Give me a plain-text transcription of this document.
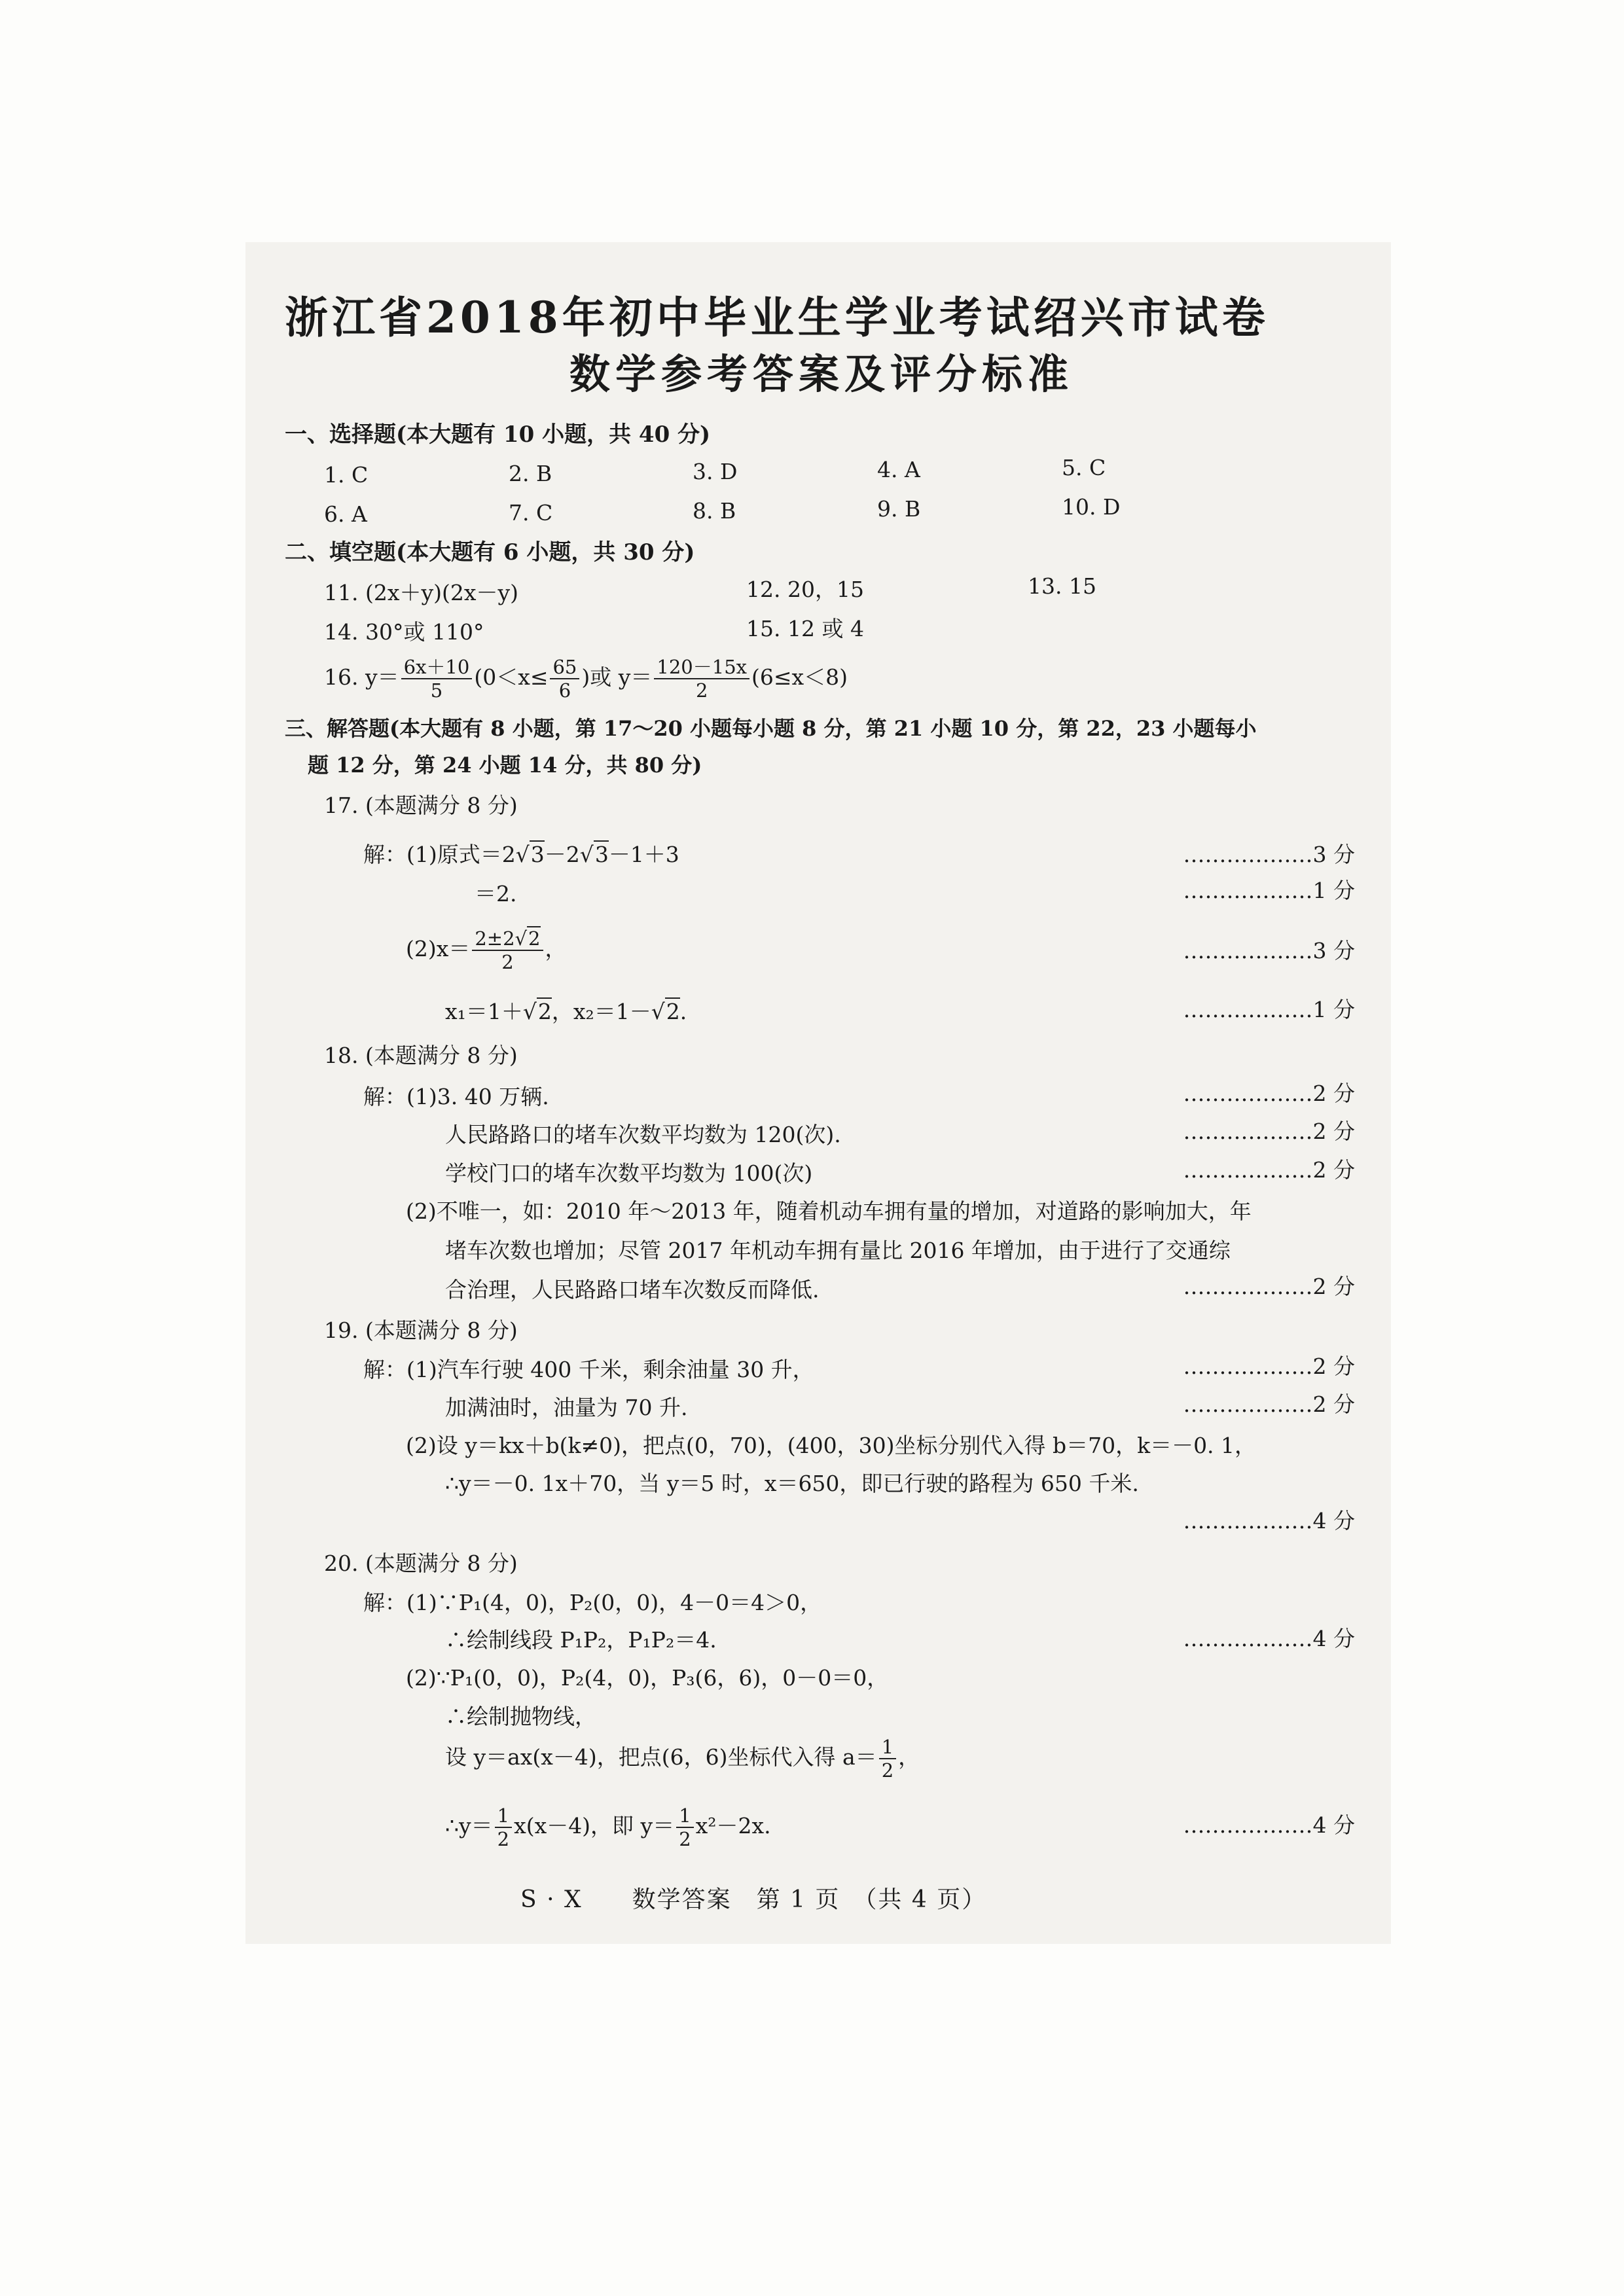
浙江省2018年初中毕业生学业考试绍兴市试卷
数学参考答案及评分标准
一、选择题(本大题有 10 小题，共 40 分)
1. C	2. B	3. D	4. A	5. C
6. A	7. C	8. B	9. B	10. D
二、填空题(本大题有 6 小题，共 30 分)
11. (2x＋y)(2x－y)	12. 20，15	13. 15
14. 30°或 110°	15. 12 或 4
16. $y= \frac{6x+10}{5} (0<x\le \frac{65}{6}$ )或 $y= \frac{120-15x}{2} (6\le x<8)$
三、解答题(本大题有 8 小题，第 17～20 小题每小题 8 分，第 21 小题 10 分，第 22，23 小题每小
题 12 分，第 24 小题 14 分，共 80 分)
17. (本题满分 8 分)
解：(1)原式＝2√3－2√3－1＋3	………………3 分
＝2.	………………1 分
$(2)x= \frac{2\pm 2√2}{2}$ ，	………………3 分
x₁＝1＋√2，x₂＝1－√2.	………………1 分
18. (本题满分 8 分)
解：(1)3. 40 万辆.	………………2 分
人民路路口的堵车次数平均数为 120(次).	………………2 分
学校门口的堵车次数平均数为 100(次)	………………2 分
(2)不唯一，如：2010 年～2013 年，随着机动车拥有量的增加，对道路的影响加大，年
堵车次数也增加；尽管 2017 年机动车拥有量比 2016 年增加，由于进行了交通综
合治理，人民路路口堵车次数反而降低.	………………2 分
19. (本题满分 8 分)
解：(1)汽车行驶 400 千米，剩余油量 30 升，	………………2 分
加满油时，油量为 70 升.	………………2 分
(2)设 y＝kx＋b(k≠0)，把点(0，70)，(400，30)坐标分别代入得 b＝70，k＝－0. 1，
∴y＝－0. 1x＋70，当 y＝5 时，x＝650，即已行驶的路程为 650 千米.
………………4 分
20. (本题满分 8 分)
解：(1)∵P₁(4，0)，P₂(0，0)，4－0＝4＞0，
∴绘制线段 P₁P₂，P₁P₂＝4.	………………4 分
(2)∵P₁(0，0)，P₂(4，0)，P₃(6，6)，0－0＝0，
∴绘制抛物线，
设 y＝ax(x－4)，把点(6，6)坐标代入得 $a= \frac{1}{2}$ ，
∴y＝ $\frac{1}{2} x(x-4)$，即 $y= \frac{1}{2} x^2-2x$.	………………4 分
S · X　　数学答案　第 1 页　（共 4 页）
